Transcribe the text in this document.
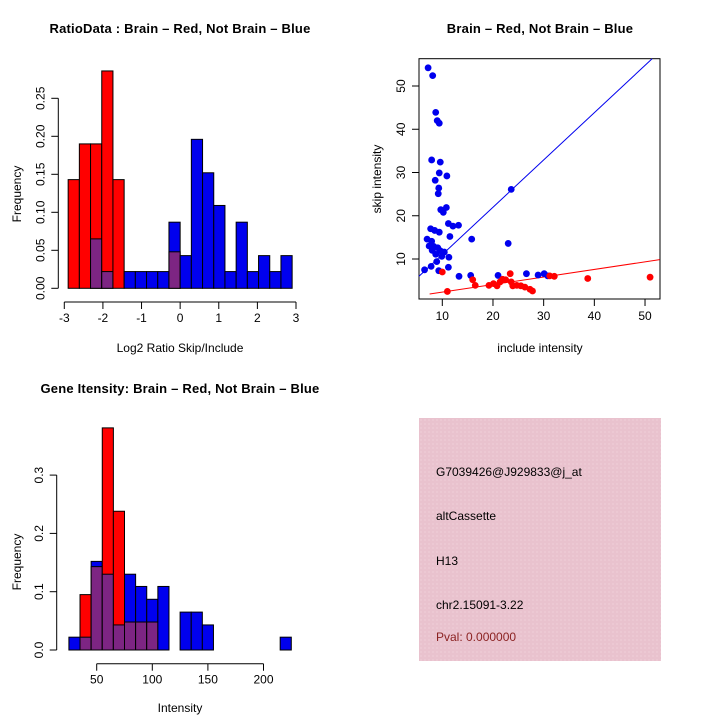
-3 -2 -1 0	1	2	3
0.00
0.05
0.10
0.15
0.20
0.25
RatioData : Brain – Red, Not Brain – Blue
Log2 Ratio Skip/Include
Frequency
10	20	30	40	50
10
20
30
40
50
Brain – Red, Not Brain – Blue
include intensity
skip intensity
50	100	150	200
0.0
0.1
0.2
0.3
Gene Itensity: Brain – Red, Not Brain – Blue
Intensity
Frequency
G7039426@J929833@j_at
altCassette
H13
chr2.15091-3.22
Pval: 0.000000
